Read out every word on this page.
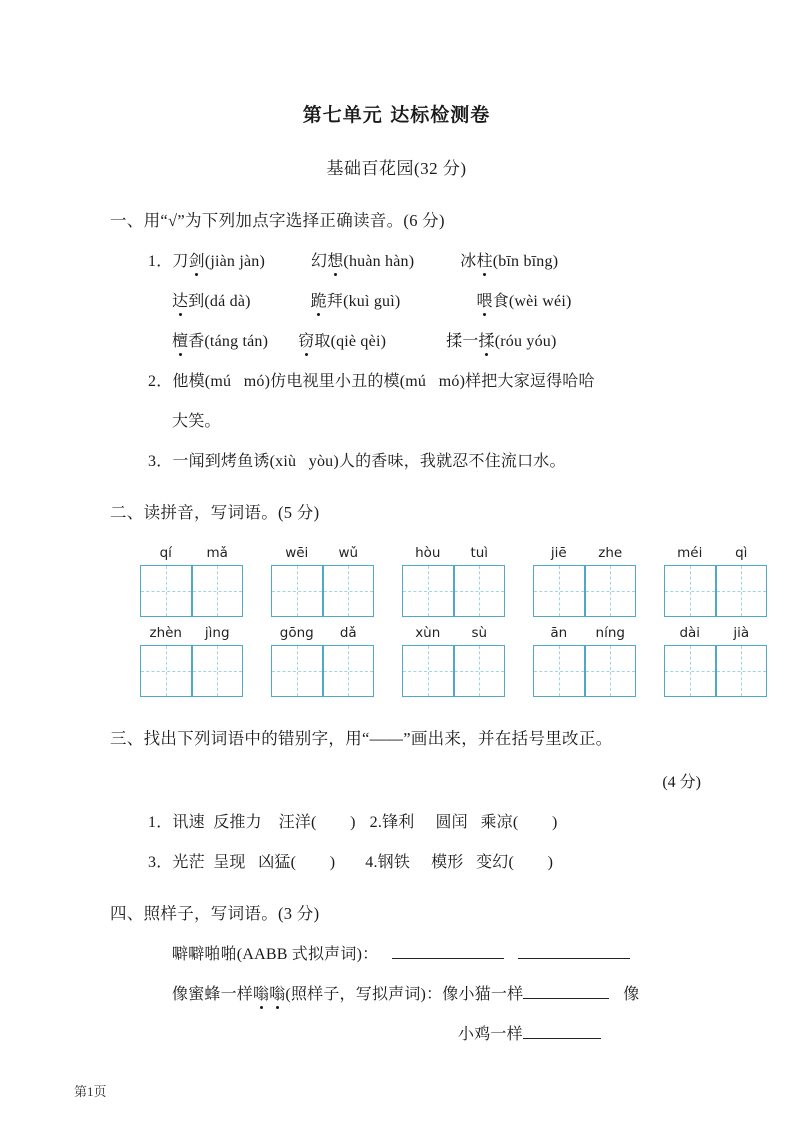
第七单元 达标检测卷
基础百花园(32 分)
一、用“√”为下列加点字选择正确读音。(6 分)
1．刀剑(jiàn jàn)	幻想(huàn hàn)	冰柱(bīn bīng)
达到(dá dà)	跪拜(kuì guì)	喂食(wèi wéi)
檀香(táng tán) 窃取(qiè qèi)	揉一揉(róu yóu)
2．他模(mú   mó)仿电视里小丑的模(mú   mó)样把大家逗得哈哈
大笑。
3．一闻到烤鱼诱(xiù   yòu)人的香味，我就忍不住流口水。
二、读拼音，写词语。(5 分)
qí	mǎ	wēi	wǔ	hòu	tuì	jiē	zhe	méi	qì
zhèn	jìng	gōng	dǎ	xùn	sù	ān	níng	dài	jià
三、找出下列词语中的错别字，用“——”画出来，并在括号里改正。
(4 分)
1．讯速  反推力    汪洋(        ) 2.锋利     圆闰   乘凉(        )
3．光茫  呈现   凶猛(        ) 4.钢铁     模形   变幻(        )
四、照样子，写词语。(3 分)
噼噼啪啪(AABB 式拟声词)：
像蜜蜂一样嗡嗡(照样子，写拟声词)：像小猫一样	像
小鸡一样
第1页
